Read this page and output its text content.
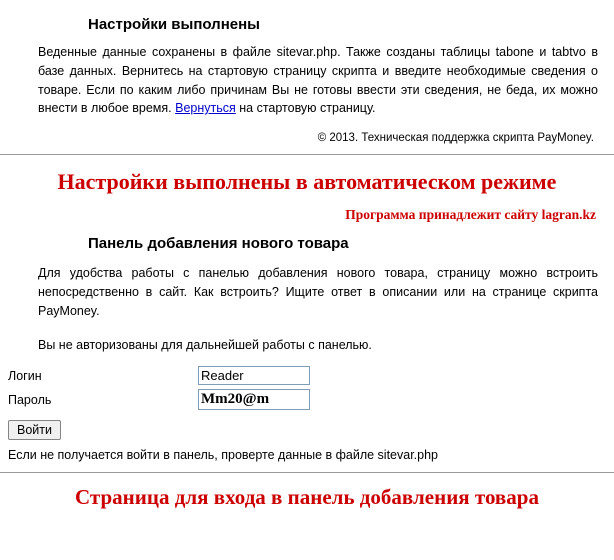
Настройки выполнены

Веденные данные сохранены в файле sitevar.php. Также созданы таблицы tabone и tabtvo в базе данных. Вернитесь на стартовую страницу скрипта и введите необходимые сведения о товаре. Если по каким либо причинам Вы не готовы ввести эти сведения, не беда, их можно внести в любое время. Вернуться на стартовую страницу.

© 2013. Техническая поддержка скрипта PayMoney.

Настройки выполнены в автоматическом режиме

Программа принадлежит сайту lagran.kz

Панель добавления нового товара

Для удобства работы с панелью добавления нового товара, страницу можно встроить непосредственно в сайт. Как встроить? Ищите ответ в описании или на странице скрипта PayMoney.

Вы не авторизованы для дальнейшей работы с панелью.

Логин	Reader
Пароль	Mm20@m
Войти

Если не получается войти в панель, проверте данные в файле sitevar.php

Страница для входа в панель добавления товара
